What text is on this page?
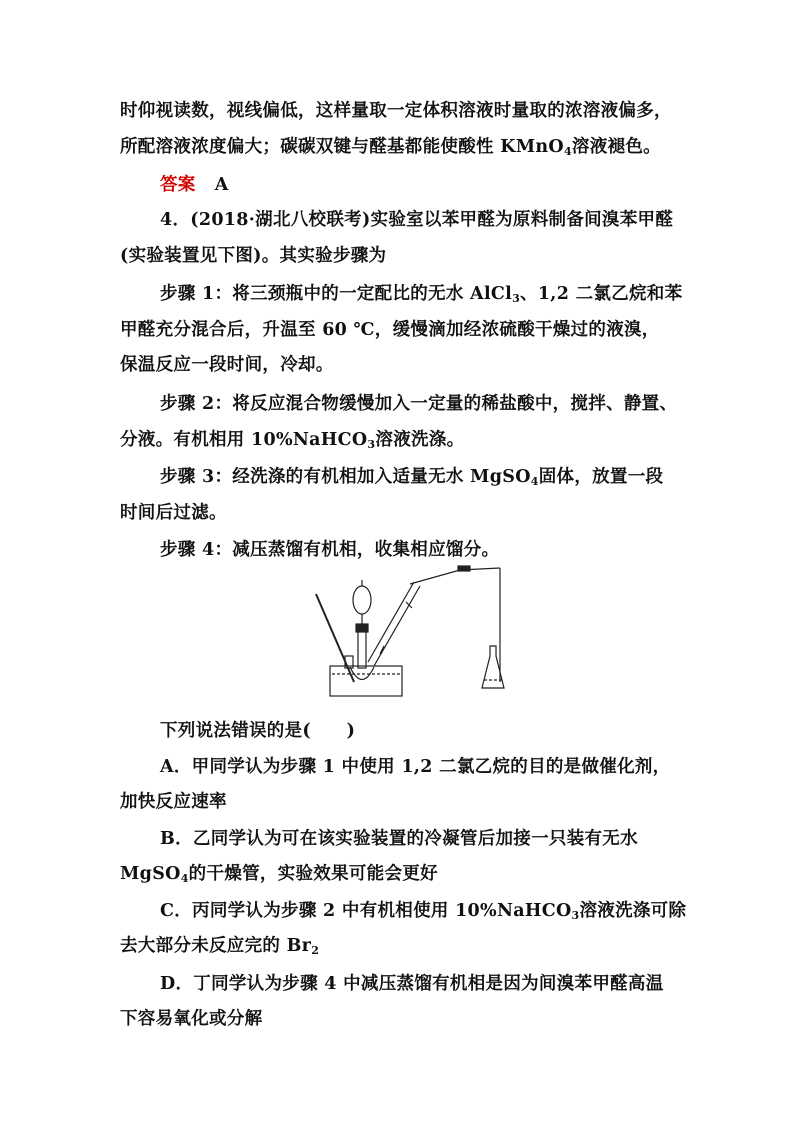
时仰视读数，视线偏低，这样量取一定体积溶液时量取的浓溶液偏多，
所配溶液浓度偏大；碳碳双键与醛基都能使酸性 KMnO$_4$溶液褪色。
答案 A
4．(2018·湖北八校联考)实验室以苯甲醛为原料制备间溴苯甲醛
(实验装置见下图)。其实验步骤为
步骤 1：将三颈瓶中的一定配比的无水 AlCl$_3$、1,2 二氯乙烷和苯
甲醛充分混合后，升温至 60 ℃，缓慢滴加经浓硫酸干燥过的液溴，
保温反应一段时间，冷却。
步骤 2：将反应混合物缓慢加入一定量的稀盐酸中，搅拌、静置、
分液。有机相用 10%NaHCO$_3$溶液洗涤。
步骤 3：经洗涤的有机相加入适量无水 MgSO$_4$固体，放置一段
时间后过滤。
步骤 4：减压蒸馏有机相，收集相应馏分。
下列说法错误的是(　　)
A．甲同学认为步骤 1 中使用 1,2 二氯乙烷的目的是做催化剂，
加快反应速率
B．乙同学认为可在该实验装置的冷凝管后加接一只装有无水
MgSO$_4$的干燥管，实验效果可能会更好
C．丙同学认为步骤 2 中有机相使用 10%NaHCO$_3$溶液洗涤可除
去大部分未反应完的 $Br_2$
D．丁同学认为步骤 4 中减压蒸馏有机相是因为间溴苯甲醛高温
下容易氧化或分解
